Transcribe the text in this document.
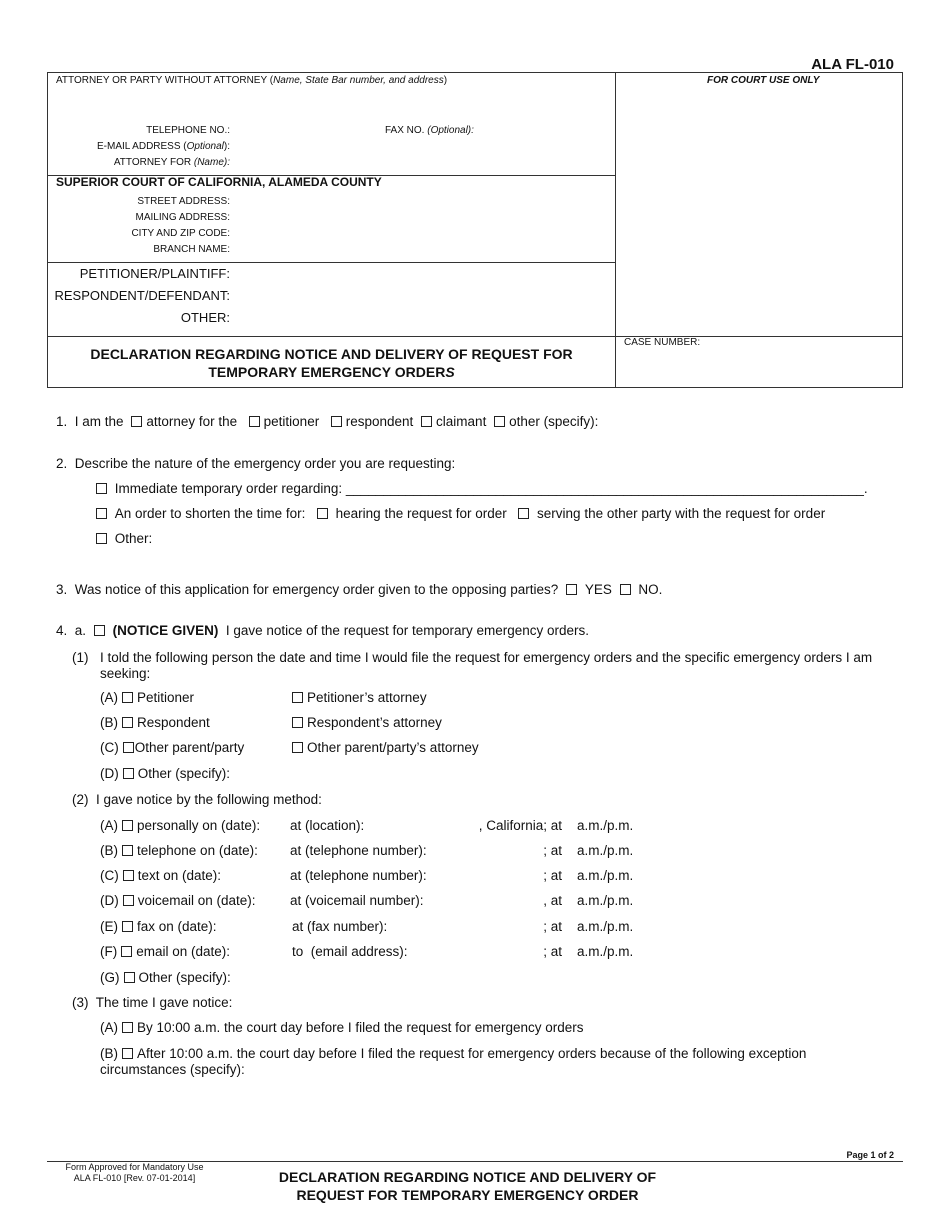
ALA FL-010
ATTORNEY OR PARTY WITHOUT ATTORNEY (Name, State Bar number, and address)	FOR COURT USE ONLY
TELEPHONE NO.:	FAX NO. (Optional):
E-MAIL ADDRESS (Optional):
ATTORNEY FOR (Name):
SUPERIOR COURT OF CALIFORNIA, ALAMEDA COUNTY
STREET ADDRESS:
MAILING ADDRESS:
CITY AND ZIP CODE:
BRANCH NAME:
PETITIONER/PLAINTIFF:
RESPONDENT/DEFENDANT:
OTHER:
CASE NUMBER:
DECLARATION REGARDING NOTICE AND DELIVERY OF REQUEST FOR
TEMPORARY EMERGENCY ORDERS
1. I am the attorney for the petitioner respondent claimant other (specify):
2. Describe the nature of the emergency order you are requesting:
Immediate temporary order regarding: _____________________________________________________________________.
An order to shorten the time for: hearing the request for order serving the other party with the request for order
Other:
3. Was notice of this application for emergency order given to the opposing parties? YES NO.
4. a. (NOTICE GIVEN) I gave notice of the request for temporary emergency orders.
(1) I told the following person the date and time I would file the request for emergency orders and the specific emergency orders I am seeking:
(A) Petitioner	Petitioner’s attorney
(B) Respondent	Respondent’s attorney
(C) Other parent/party	Other parent/party’s attorney
(D) Other (specify):
(2) I gave notice by the following method:
(A) personally on (date): at (location):	, California; at a.m./p.m.
(B) telephone on (date): at (telephone number):	; at a.m./p.m.
(C) text on (date):	at (telephone number):	; at a.m./p.m.
(D) voicemail on (date):	at (voicemail number):	, at a.m./p.m.
(E) fax on (date):	at (fax number):	; at a.m./p.m.
(F) email on (date):	to  (email address):	; at a.m./p.m.
(G) Other (specify):
(3) The time I gave notice:
(A) By 10:00 a.m. the court day before I filed the request for emergency orders
(B) After 10:00 a.m. the court day before I filed the request for emergency orders because of the following exception circumstances (specify):
Page 1 of 2
Form Approved for Mandatory Use
ALA FL-010 [Rev. 07-01-2014]	DECLARATION REGARDING NOTICE AND DELIVERY OF
REQUEST FOR TEMPORARY EMERGENCY ORDER
